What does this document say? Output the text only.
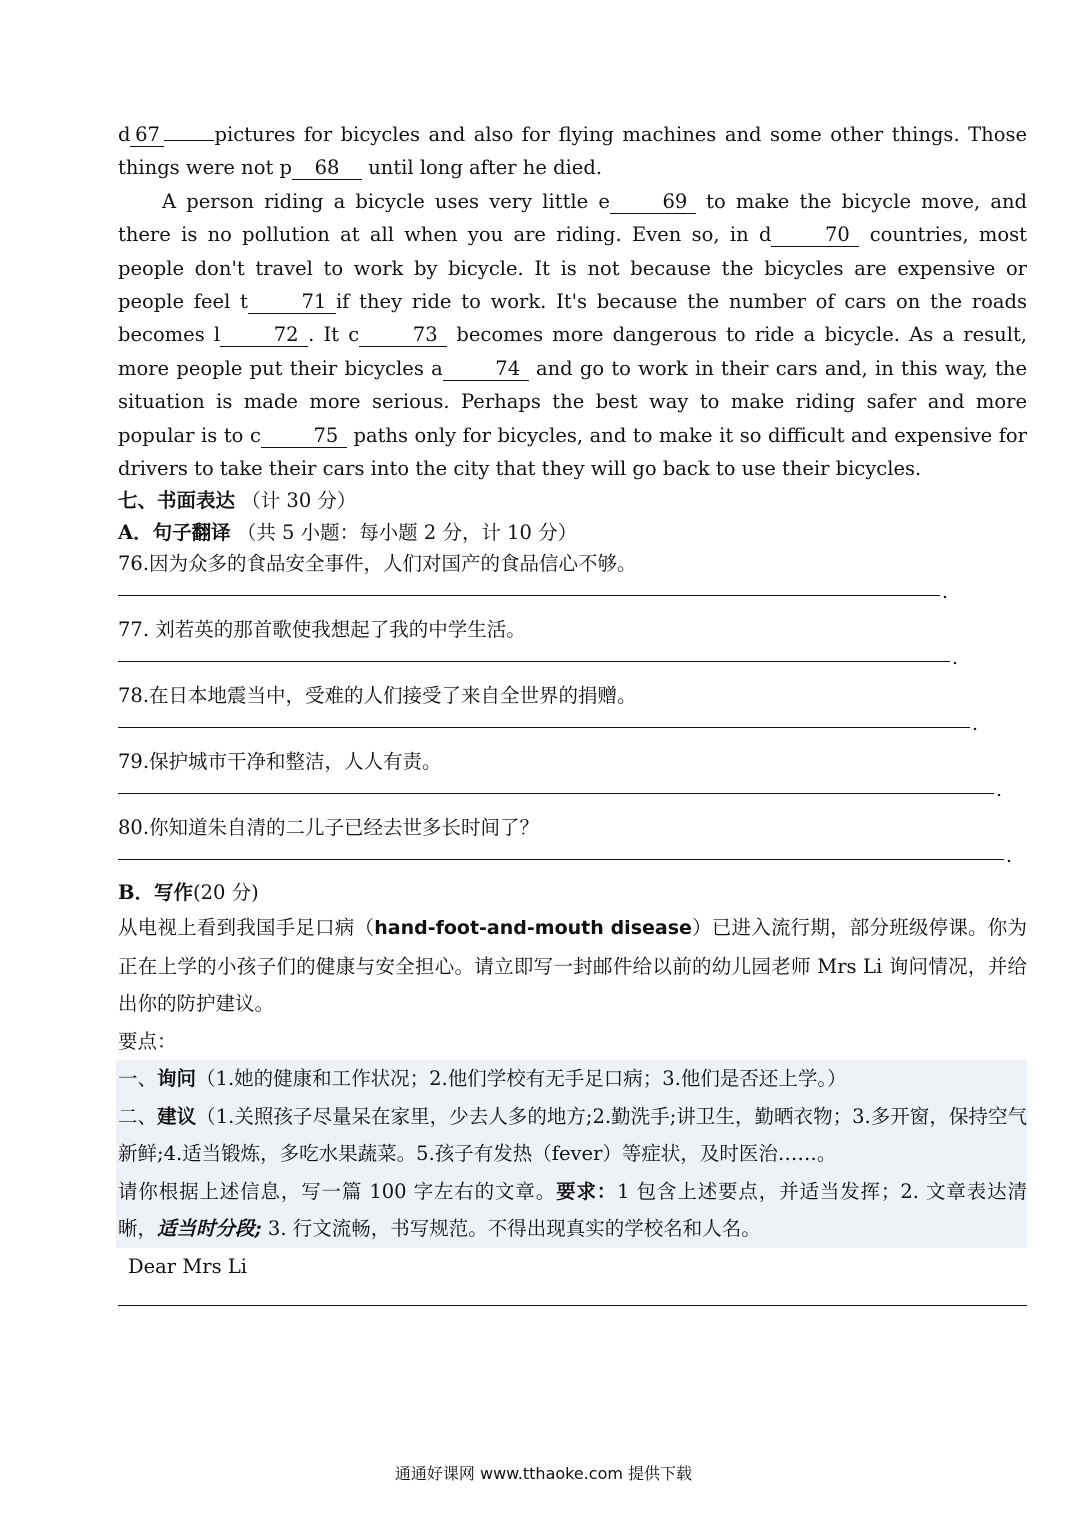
d 67	pictures for bicycles and also for flying machines and some other things. Those things were not p 68 until long after he died.

A person riding a bicycle uses very little e	69 to make the bicycle move, and there is no pollution at all when you are riding. Even so, in d	70 countries, most people don't travel to work by bicycle. It is not because the bicycles are expensive or people feel t	71 if they ride to work. It's because the number of cars on the roads becomes l	72 . It c	73 becomes more dangerous to ride a bicycle. As a result, more people put their bicycles a	74 and go to work in their cars and, in this way, the situation is made more serious. Perhaps the best way to make riding safer and more popular is to c	75 paths only for bicycles, and to make it so difficult and expensive for drivers to take their cars into the city that they will go back to use their bicycles.

七、书面表达 （计 30 分）

A．句子翻译 （共 5 小题：每小题 2 分，计 10 分）

76.因为众多的食品安全事件，人们对国产的食品信心不够。

.

77. 刘若英的那首歌使我想起了我的中学生活。

.

78.在日本地震当中，受难的人们接受了来自全世界的捐赠。

.

79.保护城市干净和整洁，人人有责。

.

80.你知道朱自清的二儿子已经去世多长时间了？

.

B．写作(20 分)

从电视上看到我国手足口病（hand-foot-and-mouth disease）已进入流行期，部分班级停课。你为正在上学的小孩子们的健康与安全担心。请立即写一封邮件给以前的幼儿园老师 Mrs Li 询问情况，并给出你的防护建议。

要点：

一、询问（1.她的健康和工作状况；2.他们学校有无手足口病；3.他们是否还上学。）

二、建议（1.关照孩子尽量呆在家里，少去人多的地方;2.勤洗手;讲卫生，勤晒衣物；3.多开窗，保持空气新鲜;4.适当锻炼，多吃水果蔬菜。5.孩子有发热（fever）等症状，及时医治……。

请你根据上述信息，写一篇 100 字左右的文章。要求：1 包含上述要点，并适当发挥；2. 文章表达清晰，适当时分段; 3. 行文流畅，书写规范。不得出现真实的学校名和人名。

Dear Mrs Li

通通好课网 www.tthaoke.com 提供下载
